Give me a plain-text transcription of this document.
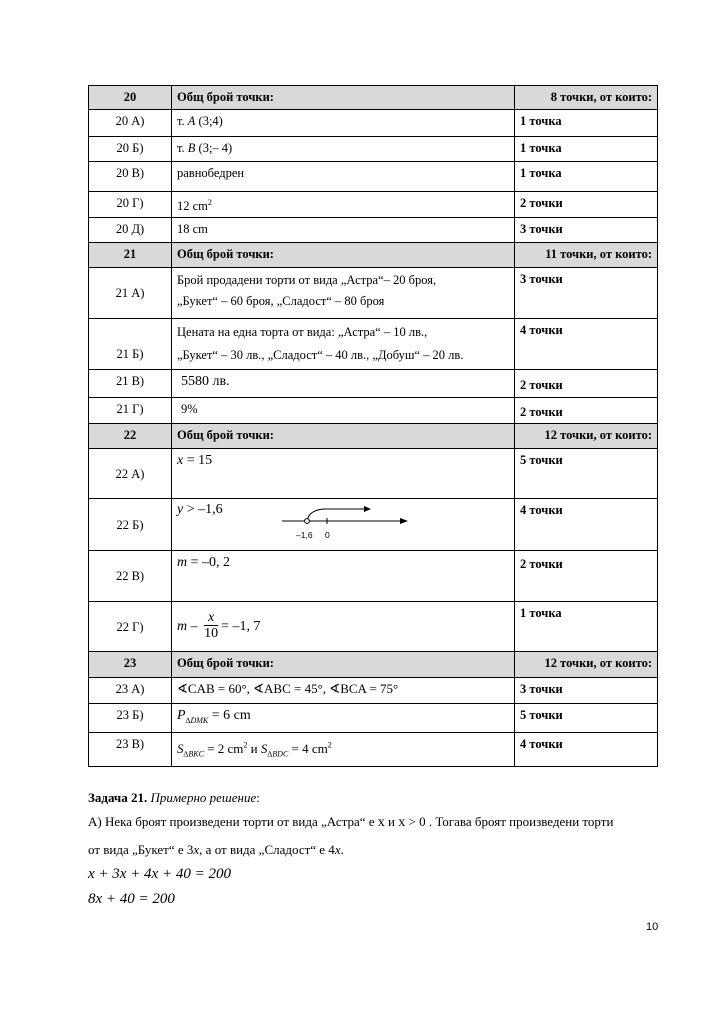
20	Общ брой точки:	8 точки, от които:
20 А)	т. A (3;4)	1 точка
20 Б)	т. B (3;– 4)	1 точка
20 В)	равнобедрен	1 точка
20 Г)	12 $cm^2$	2 точки
20 Д)	18 cm	3 точки
21	Общ брой точки:	11 точки, от които:
21 А)	Брой продадени торти от вида „Астра“– 20 броя,
„Букет“ – 60 броя, „Сладост“ – 80 броя	3 точки
21 Б)	Цената на една торта от вида: „Астра“ – 10 лв.,
„Букет“ – 30 лв., „Сладост“ – 40 лв., „Добуш“ – 20 лв.	4 точки
21 В)	5580 лв.	2 точки
21 Г)	9%	2 точки
22	Общ брой точки:	12 точки, от които:
22 А)	x = 15	5 точки
22 Б)	y > –1,6
–1,6 0	4 точки
22 В)	m = –0, 2	2 точки
22 Г)	$m - \frac{x}{10} = -1$, 7	1 точка
23	Общ брой точки:	12 точки, от които:
23 А)	∢CAB = 60°, ∢ABC = 45°, ∢BCA = 75°	3 точки
23 Б)	$P_{\Delta DMK} = 6$ cm	5 точки
23 В)	$S_{\Delta BKC} = 2$ $cm^2$ и $S_{\Delta BDC} = 4$ $cm^2$	4 точки
Задача 21. Примерно решение:
А) Нека броят произведени торти от вида „Астра“ е x и x > 0 . Тогава броят произведени торти
от вида „Букет“ е 3x, а от вида „Сладост“ е 4x.
x + 3x + 4x + 40 = 200
8x + 40 = 200
10
